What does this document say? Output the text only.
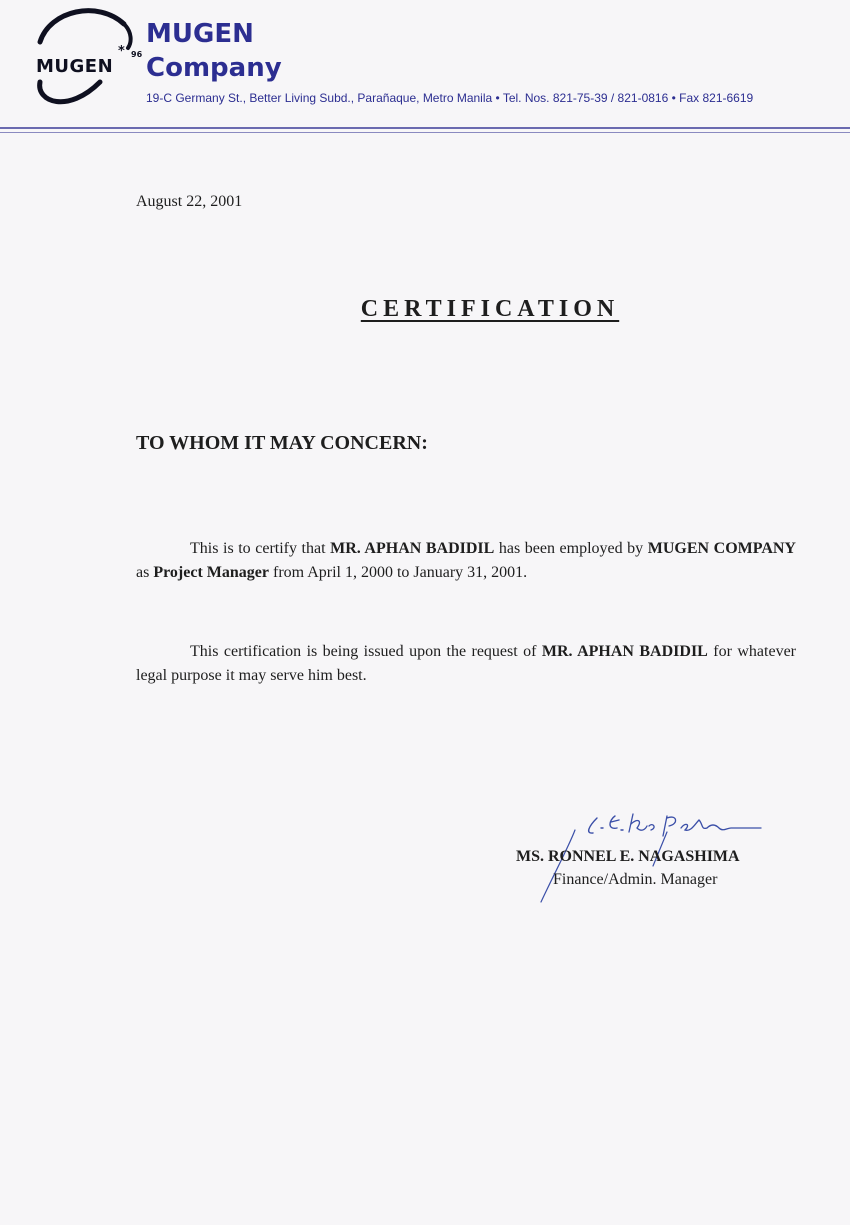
MUGEN
* 96
MUGEN
Company
19-C Germany St., Better Living Subd., Parañaque, Metro Manila • Tel. Nos. 821-75-39 / 821-0816 • Fax 821-6619
August 22, 2001
CERTIFICATION
TO WHOM IT MAY CONCERN:
This is to certify that MR. APHAN BADIDIL has been employed by MUGEN COMPANY as Project Manager from April 1, 2000 to January 31, 2001.
This certification is being issued upon the request of MR. APHAN BADIDIL for whatever legal purpose it may serve him best.
MS. RONNEL E. NAGASHIMA
Finance/Admin. Manager
